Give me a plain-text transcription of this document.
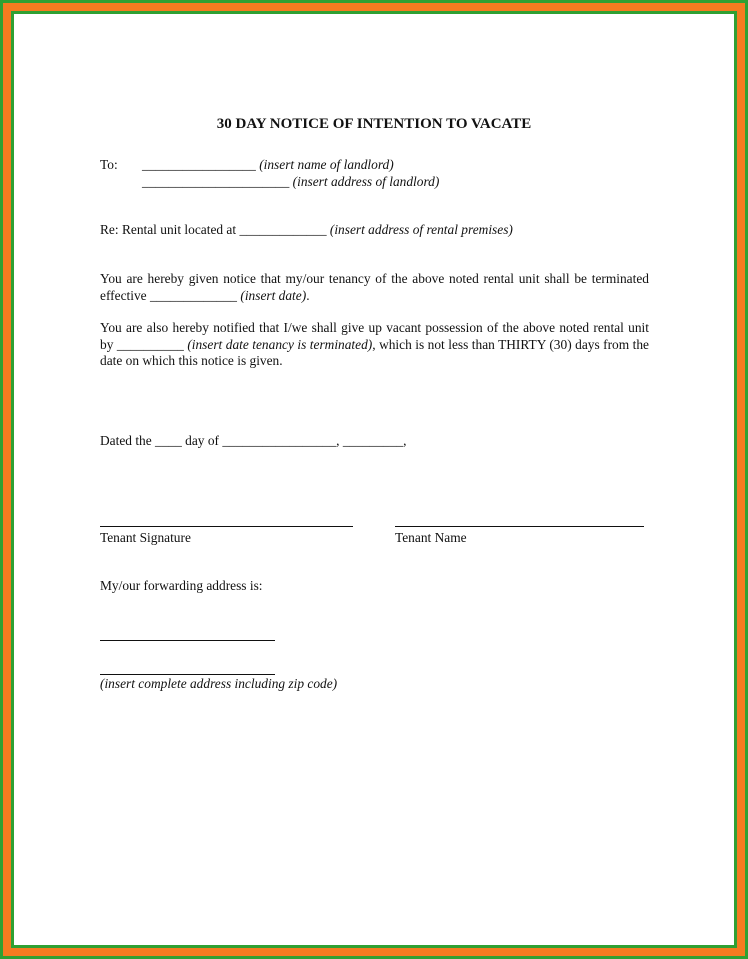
30 DAY NOTICE OF INTENTION TO VACATE
To: _________________ (insert name of landlord)
______________________ (insert address of landlord)
Re: Rental unit located at _____________ (insert address of rental premises)
You are hereby given notice that my/our tenancy of the above noted rental unit shall be terminated effective _____________ (insert date).
You are also hereby notified that I/we shall give up vacant possession of the above noted rental unit by __________ (insert date tenancy is terminated), which is not less than THIRTY (30) days from the date on which this notice is given.
Dated the ____ day of _________________, _________,
Tenant Signature	Tenant Name
My/our forwarding address is:
(insert complete address including zip code)
